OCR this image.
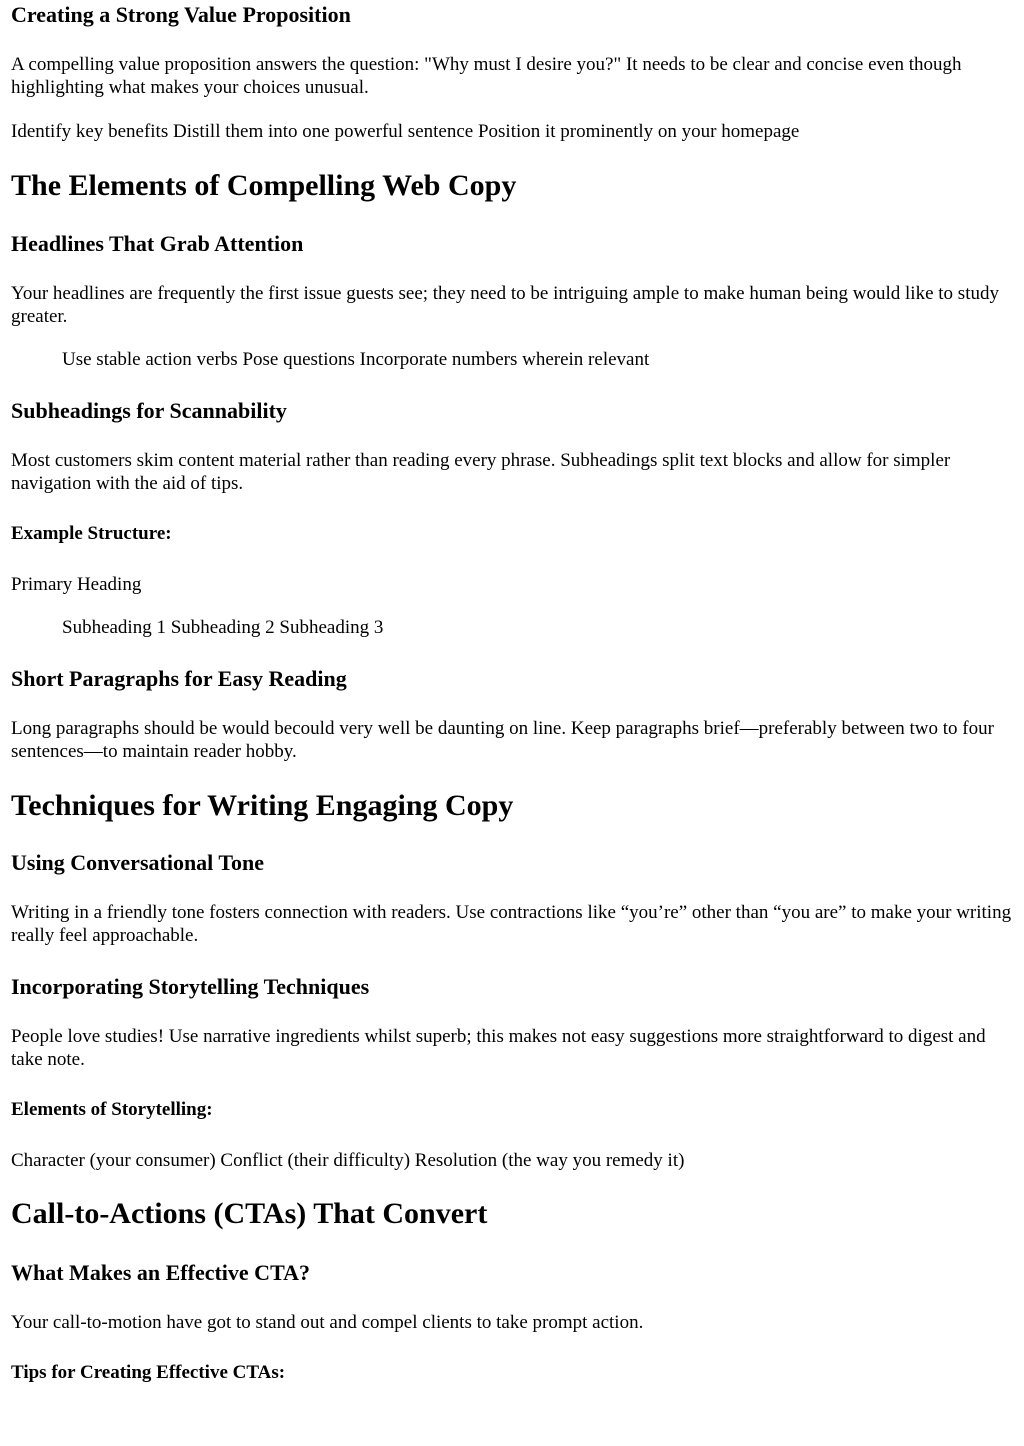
Creating a Strong Value Proposition

A compelling value proposition answers the question: "Why must I desire you?" It needs to be clear and concise even though highlighting what makes your choices unusual.

Identify key benefits Distill them into one powerful sentence Position it prominently on your homepage

The Elements of Compelling Web Copy
Headlines That Grab Attention

Your headlines are frequently the first issue guests see; they need to be intriguing ample to make human being would like to study greater.

Use stable action verbs Pose questions Incorporate numbers wherein relevant

Subheadings for Scannability

Most customers skim content material rather than reading every phrase. Subheadings split text blocks and allow for simpler navigation with the aid of tips.

Example Structure:

Primary Heading

Subheading 1 Subheading 2 Subheading 3

Short Paragraphs for Easy Reading

Long paragraphs should be would becould very well be daunting on line. Keep paragraphs brief—preferably between two to four sentences—to maintain reader hobby.

Techniques for Writing Engaging Copy
Using Conversational Tone

Writing in a friendly tone fosters connection with readers. Use contractions like “you’re” other than “you are” to make your writing really feel approachable.

Incorporating Storytelling Techniques

People love studies! Use narrative ingredients whilst superb; this makes not easy suggestions more straightforward to digest and take note.

Elements of Storytelling:

Character (your consumer) Conflict (their difficulty) Resolution (the way you remedy it)

Call-to-Actions (CTAs) That Convert
What Makes an Effective CTA?

Your call-to-motion have got to stand out and compel clients to take prompt action.

Tips for Creating Effective CTAs:
